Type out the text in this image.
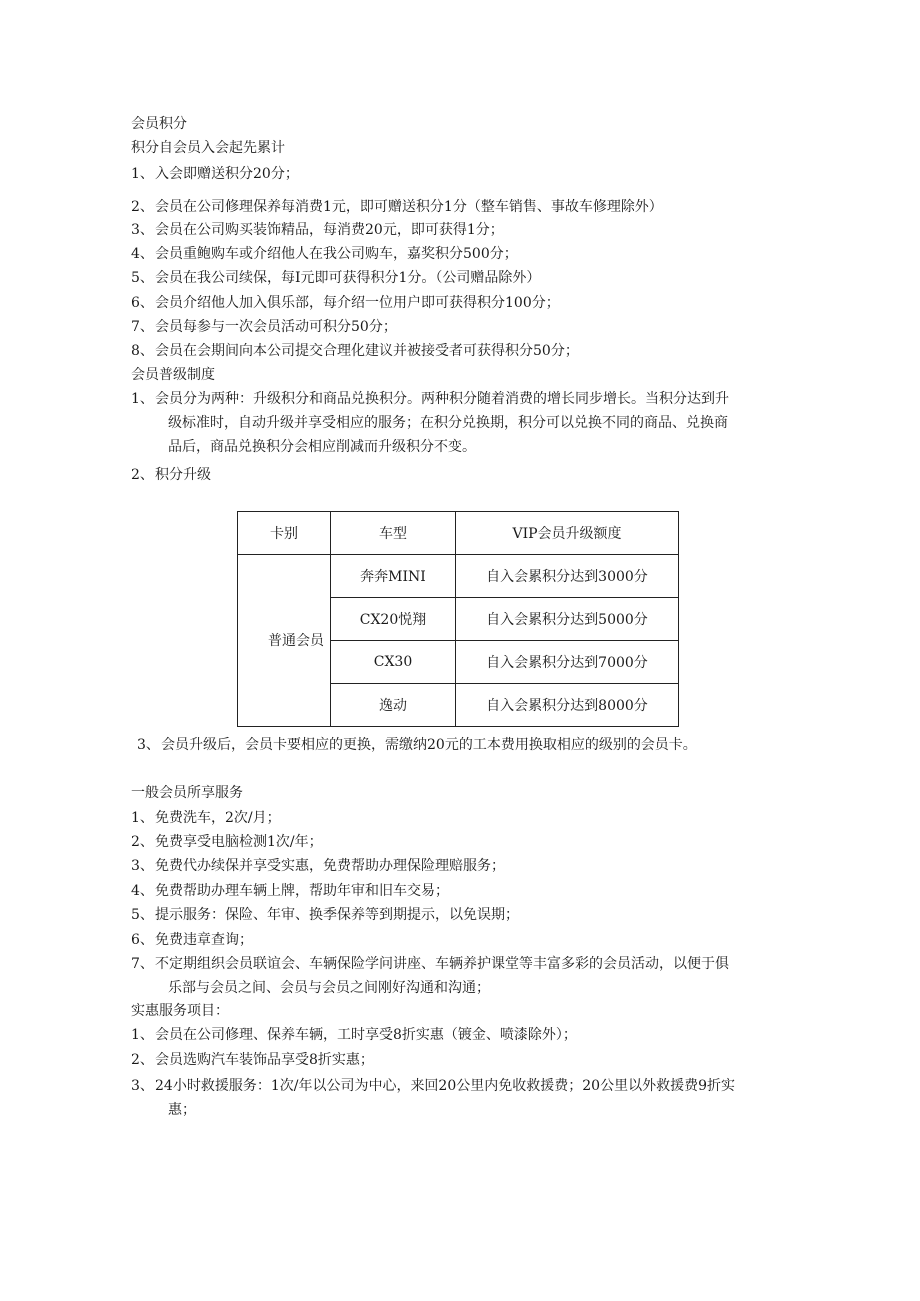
会员积分
积分自会员入会起先累计
1、 入会即赠送积分20分；
2、 会员在公司修理保养每消费1元，即可赠送积分1分（整车销售、事故车修理除外）
3、 会员在公司购买装饰精品，每消费20元，即可获得1分；
4、 会员重鲍购车或介绍他人在我公司购车，嘉奖积分500分；
5、 会员在我公司续保，每I元即可获得积分1分。（公司赠品除外）
6、 会员介绍他人加入俱乐部，每介绍一位用户即可获得积分100分；
7、 会员每参与一次会员活动可积分50分；
8、 会员在会期间向本公司提交合理化建议并被接受者可获得积分50分；
会员普级制度
1、 会员分为两种：升级积分和商品兑换积分。两种积分随着消费的增长同步增长。当积分达到升
级标准时，自动升级并享受相应的服务；在积分兑换期，积分可以兑换不同的商品、兑换商
品后，商品兑换积分会相应削减而升级积分不变。
2、 积分升级
卡别	车型	VIP会员升级额度
普通会员	奔奔MINI	自入会累积分达到3000分
	CX20悦翔	自入会累积分达到5000分
	CX30	自入会累积分达到7000分
	逸动	自入会累积分达到8000分
3、 会员升级后，会员卡要相应的更换，需缴纳20元的工本费用换取相应的级别的会员卡。
一般会员所享服务
1、 免费洗车，2次/月；
2、 免费享受电脑检测1次/年；
3、 免费代办续保并享受实惠，免费帮助办理保险理赔服务；
4、 免费帮助办理车辆上牌，帮助年审和旧车交易；
5、 提示服务：保险、年审、换季保养等到期提示，以免误期；
6、 免费违章查询；
7、 不定期组织会员联谊会、车辆保险学问讲座、车辆养护课堂等丰富多彩的会员活动，以便于俱
乐部与会员之间、会员与会员之间刚好沟通和沟通；
实惠服务项目：
1、 会员在公司修理、保养车辆，工时享受8折实惠（镀金、喷漆除外）；
2、 会员选购汽车装饰品享受8折实惠；
3、 24小时救援服务：1次/年以公司为中心，来回20公里内免收救援费；20公里以外救援费9折实
惠；
